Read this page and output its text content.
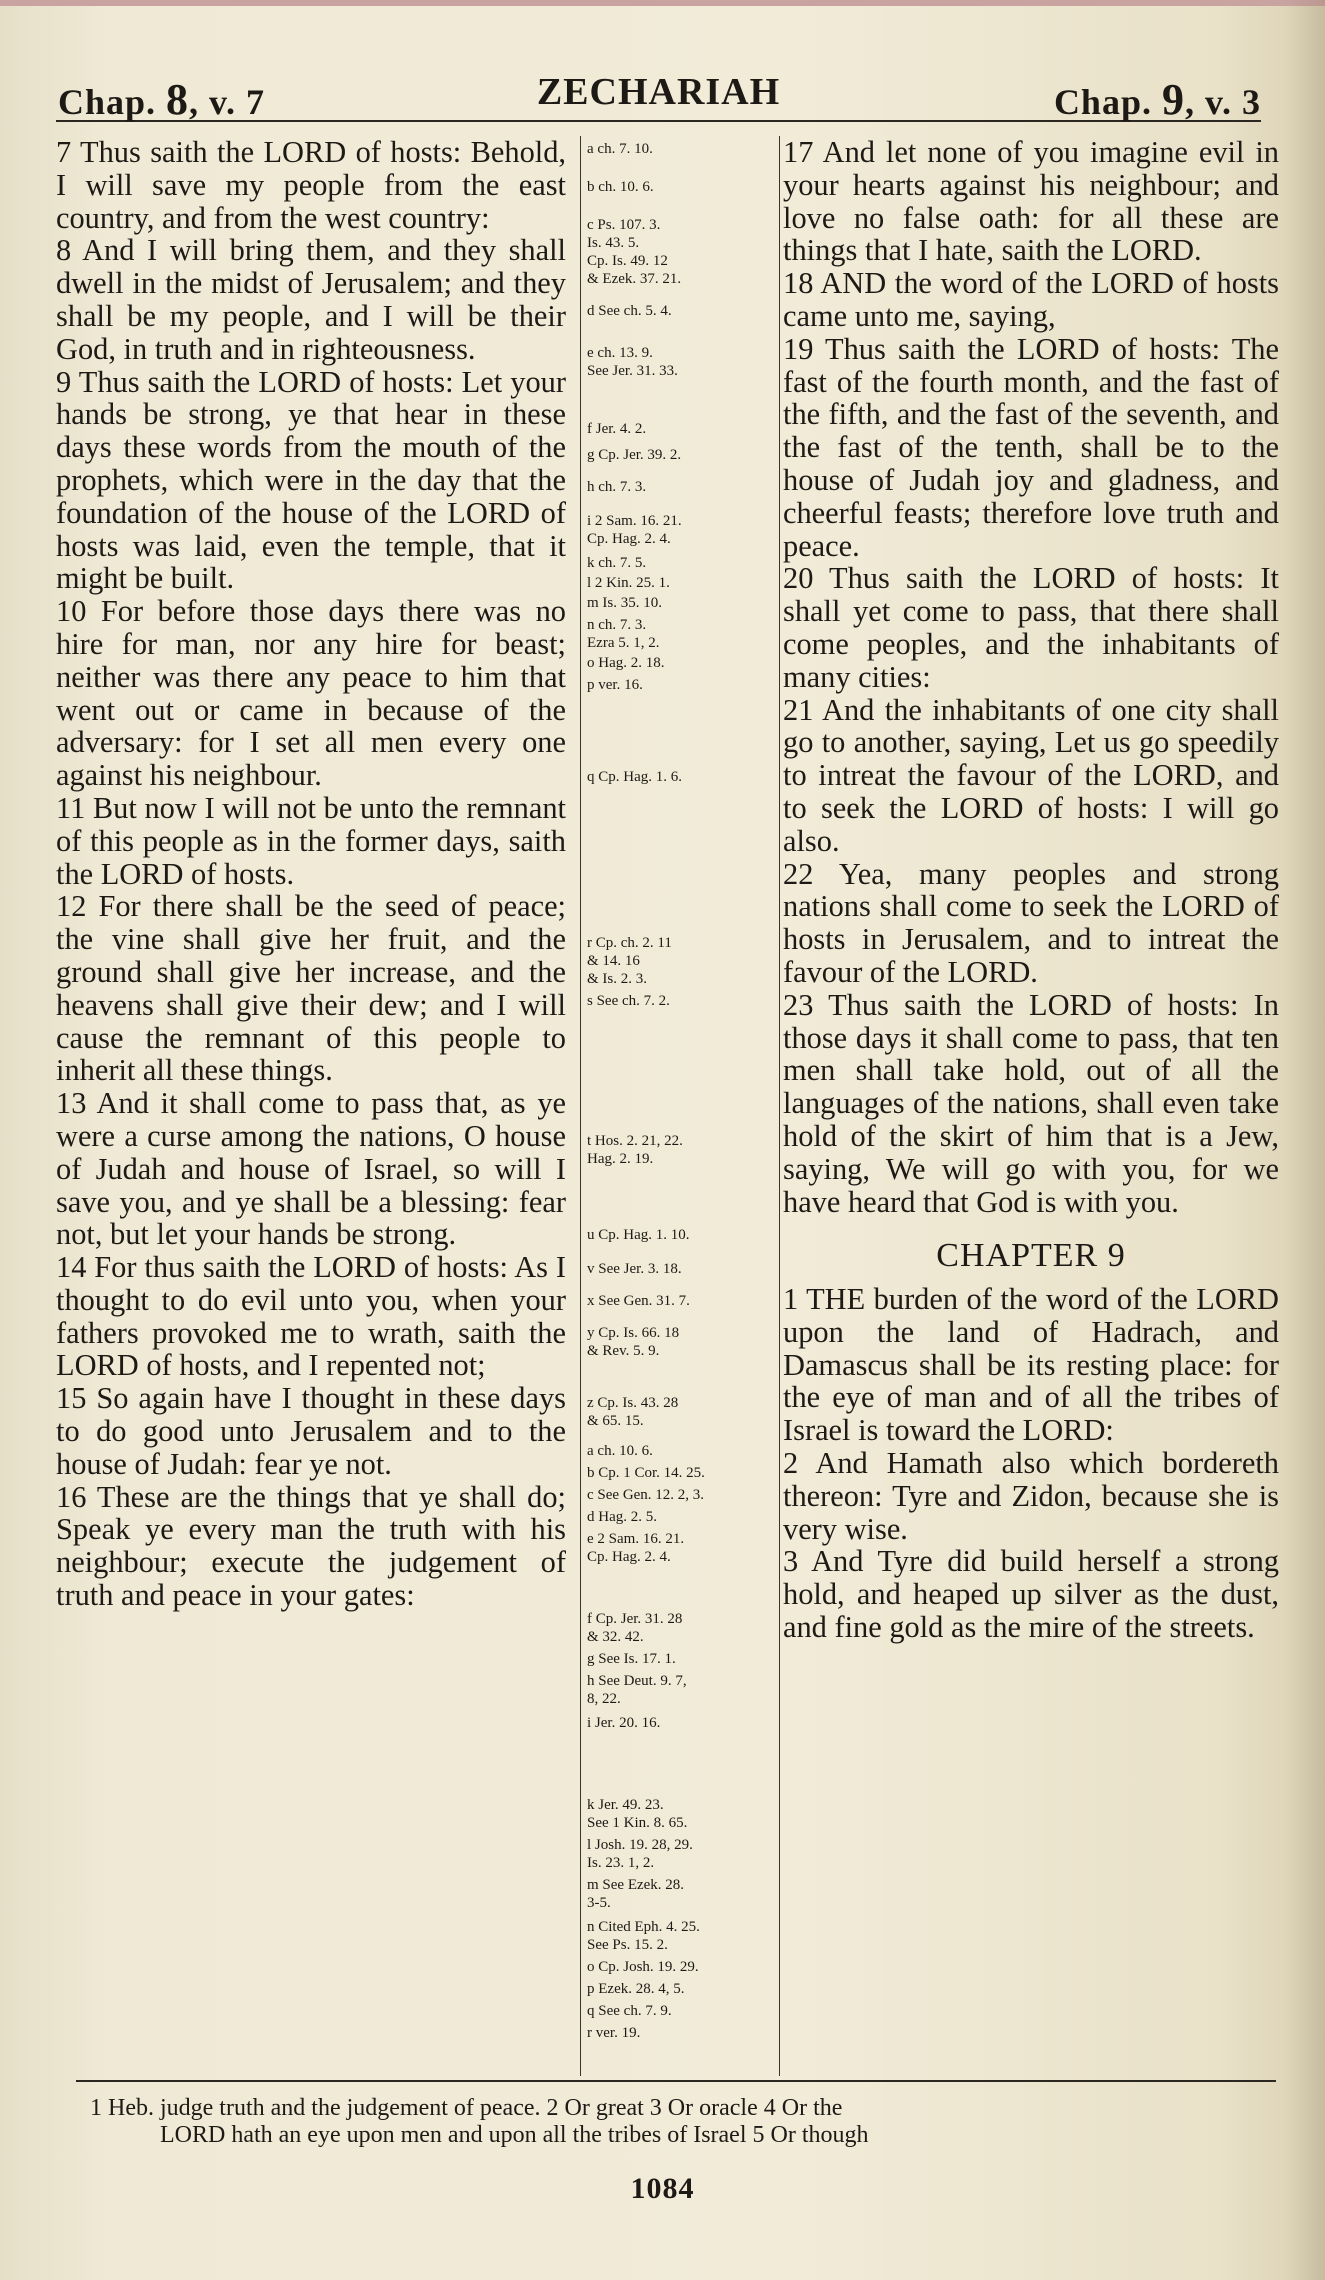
Chap. 8, v. 7	ZECHARIAH	Chap. 9, v. 3

7 Thus saith the LORD of hosts: Behold, I will save my people from the east country, and from the west country:

8 And I will bring them, and they shall dwell in the midst of Jerusalem; and they shall be my people, and I will be their God, in truth and in righteousness.

9 Thus saith the LORD of hosts: Let your hands be strong, ye that hear in these days these words from the mouth of the prophets, which were in the day that the foundation of the house of the LORD of hosts was laid, even the temple, that it might be built.

10 For before those days there was no hire for man, nor any hire for beast; neither was there any peace to him that went out or came in because of the adversary: for I set all men every one against his neighbour.

11 But now I will not be unto the remnant of this people as in the former days, saith the LORD of hosts.

12 For there shall be the seed of peace; the vine shall give her fruit, and the ground shall give her increase, and the heavens shall give their dew; and I will cause the remnant of this people to inherit all these things.

13 And it shall come to pass that, as ye were a curse among the nations, O house of Judah and house of Israel, so will I save you, and ye shall be a blessing: fear not, but let your hands be strong.

14 For thus saith the LORD of hosts: As I thought to do evil unto you, when your fathers provoked me to wrath, saith the LORD of hosts, and I repented not;

15 So again have I thought in these days to do good unto Jerusalem and to the house of Judah: fear ye not.

16 These are the things that ye shall do; Speak ye every man the truth with his neighbour; execute the judgement of truth and peace in your gates:

a ch. 7. 10.
b ch. 10. 6.
c Ps. 107. 3.
Is. 43. 5.
Cp. Is. 49. 12
& Ezek. 37. 21.
d See ch. 5. 4.
e ch. 13. 9.
See Jer. 31. 33.
f Jer. 4. 2.
g Cp. Jer. 39. 2.
h ch. 7. 3.
i 2 Sam. 16. 21.
Cp. Hag. 2. 4.
k ch. 7. 5.
l 2 Kin. 25. 1.
m Is. 35. 10.
n ch. 7. 3.
Ezra 5. 1, 2.
o Hag. 2. 18.
p ver. 16.
q Cp. Hag. 1. 6.
r Cp. ch. 2. 11
& 14. 16
& Is. 2. 3.
s See ch. 7. 2.
t Hos. 2. 21, 22.
Hag. 2. 19.
u Cp. Hag. 1. 10.
v See Jer. 3. 18.
x See Gen. 31. 7.
y Cp. Is. 66. 18
& Rev. 5. 9.
z Cp. Is. 43. 28
& 65. 15.
a ch. 10. 6.
b Cp. 1 Cor. 14. 25.
c See Gen. 12. 2, 3.
d Hag. 2. 5.
e 2 Sam. 16. 21.
Cp. Hag. 2. 4.
f Cp. Jer. 31. 28
& 32. 42.
g See Is. 17. 1.
h See Deut. 9. 7,
8, 22.
i Jer. 20. 16.
k Jer. 49. 23.
See 1 Kin. 8. 65.
l Josh. 19. 28, 29.
Is. 23. 1, 2.
m See Ezek. 28.
3-5.
n Cited Eph. 4. 25.
See Ps. 15. 2.
o Cp. Josh. 19. 29.
p Ezek. 28. 4, 5.
q See ch. 7. 9.
r ver. 19.

17 And let none of you imagine evil in your hearts against his neighbour; and love no false oath: for all these are things that I hate, saith the LORD.

18 AND the word of the LORD of hosts came unto me, saying,

19 Thus saith the LORD of hosts: The fast of the fourth month, and the fast of the fifth, and the fast of the seventh, and the fast of the tenth, shall be to the house of Judah joy and gladness, and cheerful feasts; therefore love truth and peace.

20 Thus saith the LORD of hosts: It shall yet come to pass, that there shall come peoples, and the inhabitants of many cities:

21 And the inhabitants of one city shall go to another, saying, Let us go speedily to intreat the favour of the LORD, and to seek the LORD of hosts: I will go also.

22 Yea, many peoples and strong nations shall come to seek the LORD of hosts in Jerusalem, and to intreat the favour of the LORD.

23 Thus saith the LORD of hosts: In those days it shall come to pass, that ten men shall take hold, out of all the languages of the nations, shall even take hold of the skirt of him that is a Jew, saying, We will go with you, for we have heard that God is with you.

CHAPTER 9

1 THE burden of the word of the LORD upon the land of Hadrach, and Damascus shall be its resting place: for the eye of man and of all the tribes of Israel is toward the LORD:

2 And Hamath also which bordereth thereon: Tyre and Zidon, because she is very wise.

3 And Tyre did build herself a strong hold, and heaped up silver as the dust, and fine gold as the mire of the streets.

1 Heb. judge truth and the judgement of peace. 2 Or great 3 Or oracle 4 Or the
LORD hath an eye upon men and upon all the tribes of Israel 5 Or though
1084
